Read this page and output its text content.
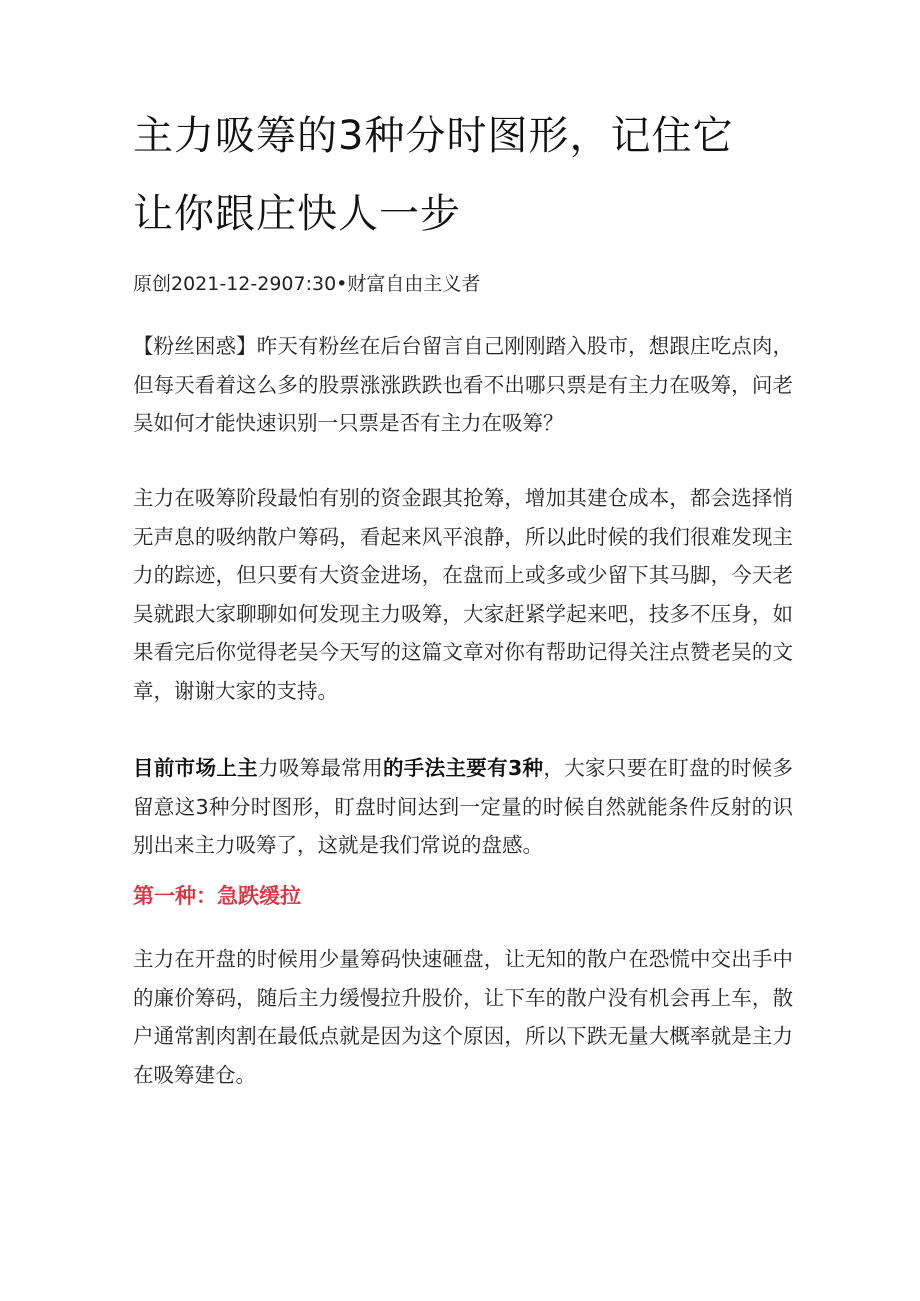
主力吸筹的3种分时图形，记住它
让你跟庄快人一步
原创2021-12-2907:30•财富自由主义者

【粉丝困惑】昨天有粉丝在后台留言自己刚刚踏入股市，想跟庄吃点肉，但每天看着这么多的股票涨涨跌跌也看不出哪只票是有主力在吸筹，问老吴如何才能快速识别一只票是否有主力在吸筹？

主力在吸筹阶段最怕有别的资金跟其抢筹，增加其建仓成本，都会选择悄无声息的吸纳散户筹码，看起来风平浪静，所以此时候的我们很难发现主力的踪迹，但只要有大资金进场，在盘而上或多或少留下其马脚，今天老吴就跟大家聊聊如何发现主力吸筹，大家赶紧学起来吧，技多不压身，如果看完后你觉得老吴今天写的这篇文章对你有帮助记得关注点赞老吴的文章，谢谢大家的支持。

目前市场上主力吸筹最常用的手法主要有3种，大家只要在盯盘的时候多留意这3种分时图形，盯盘时间达到一定量的时候自然就能条件反射的识别出来主力吸筹了，这就是我们常说的盘感。

第一种：急跌缓拉

主力在开盘的时候用少量筹码快速砸盘，让无知的散户在恐慌中交出手中的廉价筹码，随后主力缓慢拉升股价，让下车的散户没有机会再上车，散户通常割肉割在最低点就是因为这个原因，所以下跌无量大概率就是主力在吸筹建仓。
